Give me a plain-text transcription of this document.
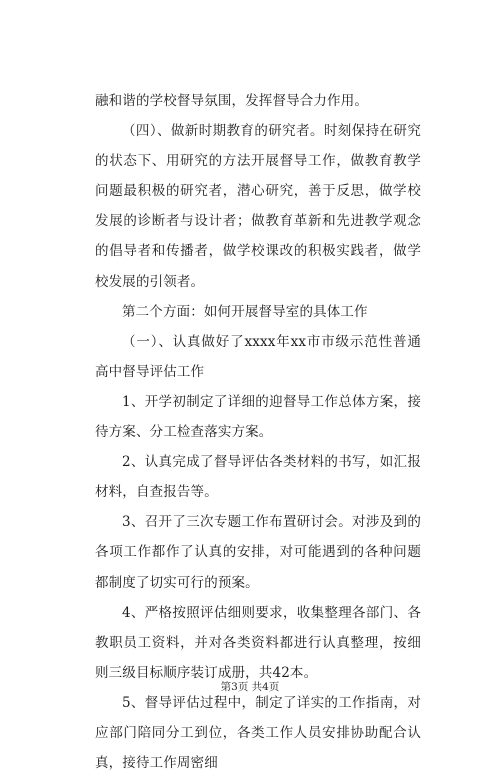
融和谐的学校督导氛围，发挥督导合力作用。

（四）、做新时期教育的研究者。时刻保持在研究的状态下、用研究的方法开展督导工作，做教育教学问题最积极的研究者，潜心研究，善于反思，做学校发展的诊断者与设计者；做教育革新和先进教学观念的倡导者和传播者，做学校课改的积极实践者，做学校发展的引领者。

第二个方面：如何开展督导室的具体工作

（一）、认真做好了xxxx年xx市市级示范性普通高中督导评估工作

1、开学初制定了详细的迎督导工作总体方案，接待方案、分工检查落实方案。

2、认真完成了督导评估各类材料的书写，如汇报材料，自查报告等。

3、召开了三次专题工作布置研讨会。对涉及到的各项工作都作了认真的安排，对可能遇到的各种问题都制度了切实可行的预案。

4、严格按照评估细则要求，收集整理各部门、各教职员工资料，并对各类资料都进行认真整理，按细则三级目标顺序装订成册，共42本。

5、督导评估过程中，制定了详实的工作指南，对应部门陪同分工到位，各类工作人员安排协助配合认真，接待工作周密细

第3页 共4页
